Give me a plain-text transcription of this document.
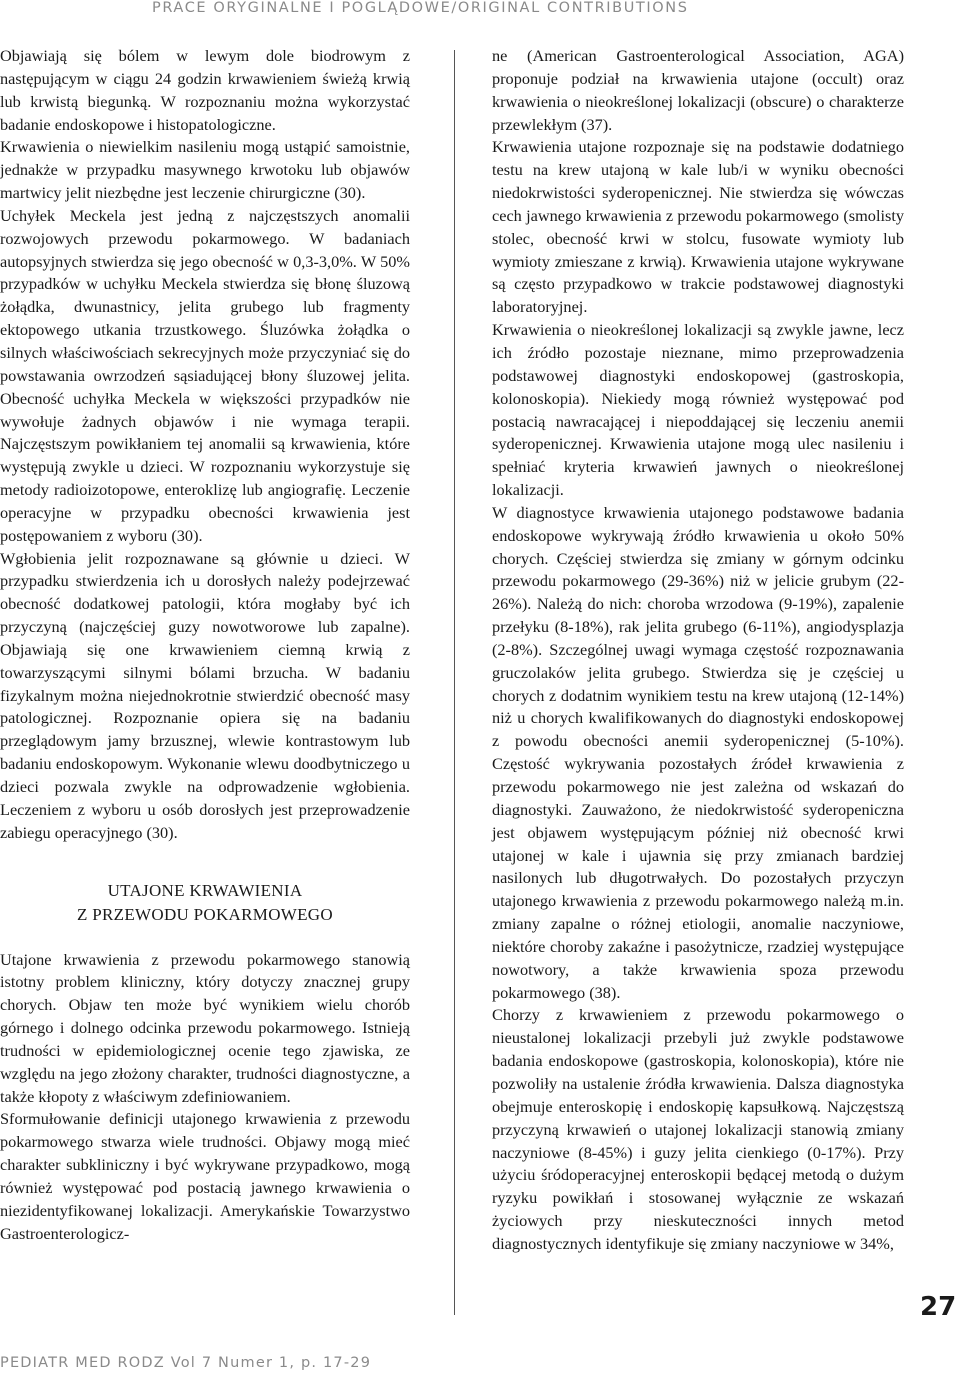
PRACE ORYGINALNE I POGLĄDOWE/ORIGINAL CONTRIBUTIONS

Objawiają się bólem w lewym dole biodrowym z następującym w ciągu 24 godzin krwawieniem świeżą krwią lub krwistą biegunką. W rozpoznaniu można wykorzystać badanie endoskopowe i histopatologiczne.

Krwawienia o niewielkim nasileniu mogą ustąpić samoistnie, jednakże w przypadku masywnego krwotoku lub objawów martwicy jelit niezbędne jest leczenie chirurgiczne (30).

Uchyłek Meckela jest jedną z najczęstszych anomalii rozwojowych przewodu pokarmowego. W badaniach autopsyjnych stwierdza się jego obecność w 0,3-3,0%. W 50% przypadków w uchyłku Meckela stwierdza się błonę śluzową żołądka, dwunastnicy, jelita grubego lub fragmenty ektopowego utkania trzustkowego. Śluzówka żołądka o silnych właściwościach sekrecyjnych może przyczyniać się do powstawania owrzodzeń sąsiadującej błony śluzowej jelita. Obecność uchyłka Meckela w większości przypadków nie wywołuje żadnych objawów i nie wymaga terapii. Najczęstszym powikłaniem tej anomalii są krwawienia, które występują zwykle u dzieci. W rozpoznaniu wykorzystuje się metody radioizotopowe, enteroklizę lub angiografię. Leczenie operacyjne w przypadku obecności krwawienia jest postępowaniem z wyboru (30).

Wgłobienia jelit rozpoznawane są głównie u dzieci. W przypadku stwierdzenia ich u dorosłych należy podejrzewać obecność dodatkowej patologii, która mogłaby być ich przyczyną (najczęściej guzy nowotworowe lub zapalne). Objawiają się one krwawieniem ciemną krwią z towarzyszącymi silnymi bólami brzucha. W badaniu fizykalnym można niejednokrotnie stwierdzić obecność masy patologicznej. Rozpoznanie opiera się na badaniu przeglądowym jamy brzusznej, wlewie kontrastowym lub badaniu endoskopowym. Wykonanie wlewu doodbytniczego u dzieci pozwala zwykle na odprowadzenie wgłobienia. Leczeniem z wyboru u osób dorosłych jest przeprowadzenie zabiegu operacyjnego (30).

UTAJONE KRWAWIENIA
Z PRZEWODU POKARMOWEGO

Utajone krwawienia z przewodu pokarmowego stanowią istotny problem kliniczny, który dotyczy znacznej grupy chorych. Objaw ten może być wynikiem wielu chorób górnego i dolnego odcinka przewodu pokarmowego. Istnieją trudności w epidemiologicznej ocenie tego zjawiska, ze względu na jego złożony charakter, trudności diagnostyczne, a także kłopoty z właściwym zdefiniowaniem.

Sformułowanie definicji utajonego krwawienia z przewodu pokarmowego stwarza wiele trudności. Objawy mogą mieć charakter subkliniczny i być wykrywane przypadkowo, mogą również występować pod postacią jawnego krwawienia o niezidentyfikowanej lokalizacji. Amerykańskie Towarzystwo Gastroenterologicz-

ne (American Gastroenterological Association, AGA) proponuje podział na krwawienia utajone (occult) oraz krwawienia o nieokreślonej lokalizacji (obscure) o charakterze przewlekłym (37).

Krwawienia utajone rozpoznaje się na podstawie dodatniego testu na krew utajoną w kale lub/i w wyniku obecności niedokrwistości syderopenicznej. Nie stwierdza się wówczas cech jawnego krwawienia z przewodu pokarmowego (smolisty stolec, obecność krwi w stolcu, fusowate wymioty lub wymioty zmieszane z krwią). Krwawienia utajone wykrywane są często przypadkowo w trakcie podstawowej diagnostyki laboratoryjnej.

Krwawienia o nieokreślonej lokalizacji są zwykle jawne, lecz ich źródło pozostaje nieznane, mimo przeprowadzenia podstawowej diagnostyki endoskopowej (gastroskopia, kolonoskopia). Niekiedy mogą również występować pod postacią nawracającej i niepoddającej się leczeniu anemii syderopenicznej. Krwawienia utajone mogą ulec nasileniu i spełniać kryteria krwawień jawnych o nieokreślonej lokalizacji.

W diagnostyce krwawienia utajonego podstawowe badania endoskopowe wykrywają źródło krwawienia u około 50% chorych. Częściej stwierdza się zmiany w górnym odcinku przewodu pokarmowego (29-36%) niż w jelicie grubym (22-26%). Należą do nich: choroba wrzodowa (9-19%), zapalenie przełyku (8-18%), rak jelita grubego (6-11%), angiodysplazja (2-8%). Szczególnej uwagi wymaga częstość rozpoznawania gruczolaków jelita grubego. Stwierdza się je częściej u chorych z dodatnim wynikiem testu na krew utajoną (12-14%) niż u chorych kwalifikowanych do diagnostyki endoskopowej z powodu obecności anemii syderopenicznej (5-10%). Częstość wykrywania pozostałych źródeł krwawienia z przewodu pokarmowego nie jest zależna od wskazań do diagnostyki. Zauważono, że niedokrwistość syderopeniczna jest objawem występującym później niż obecność krwi utajonej w kale i ujawnia się przy zmianach bardziej nasilonych lub długotrwałych. Do pozostałych przyczyn utajonego krwawienia z przewodu pokarmowego należą m.in. zmiany zapalne o różnej etiologii, anomalie naczyniowe, niektóre choroby zakaźne i pasożytnicze, rzadziej występujące nowotwory, a także krwawienia spoza przewodu pokarmowego (38).

Chorzy z krwawieniem z przewodu pokarmowego o nieustalonej lokalizacji przebyli już zwykle podstawowe badania endoskopowe (gastroskopia, kolonoskopia), które nie pozwoliły na ustalenie źródła krwawienia. Dalsza diagnostyka obejmuje enteroskopię i endoskopię kapsułkową. Najczęstszą przyczyną krwawień o utajonej lokalizacji stanowią zmiany naczyniowe (8-45%) i guzy jelita cienkiego (0-17%). Przy użyciu śródoperacyjnej enteroskopii będącej metodą o dużym ryzyku powikłań i stosowanej wyłącznie ze wskazań życiowych przy nieskuteczności innych metod diagnostycznych identyfikuje się zmiany naczyniowe w 34%,

27
PEDIATR MED RODZ Vol 7 Numer 1, p. 17-29
